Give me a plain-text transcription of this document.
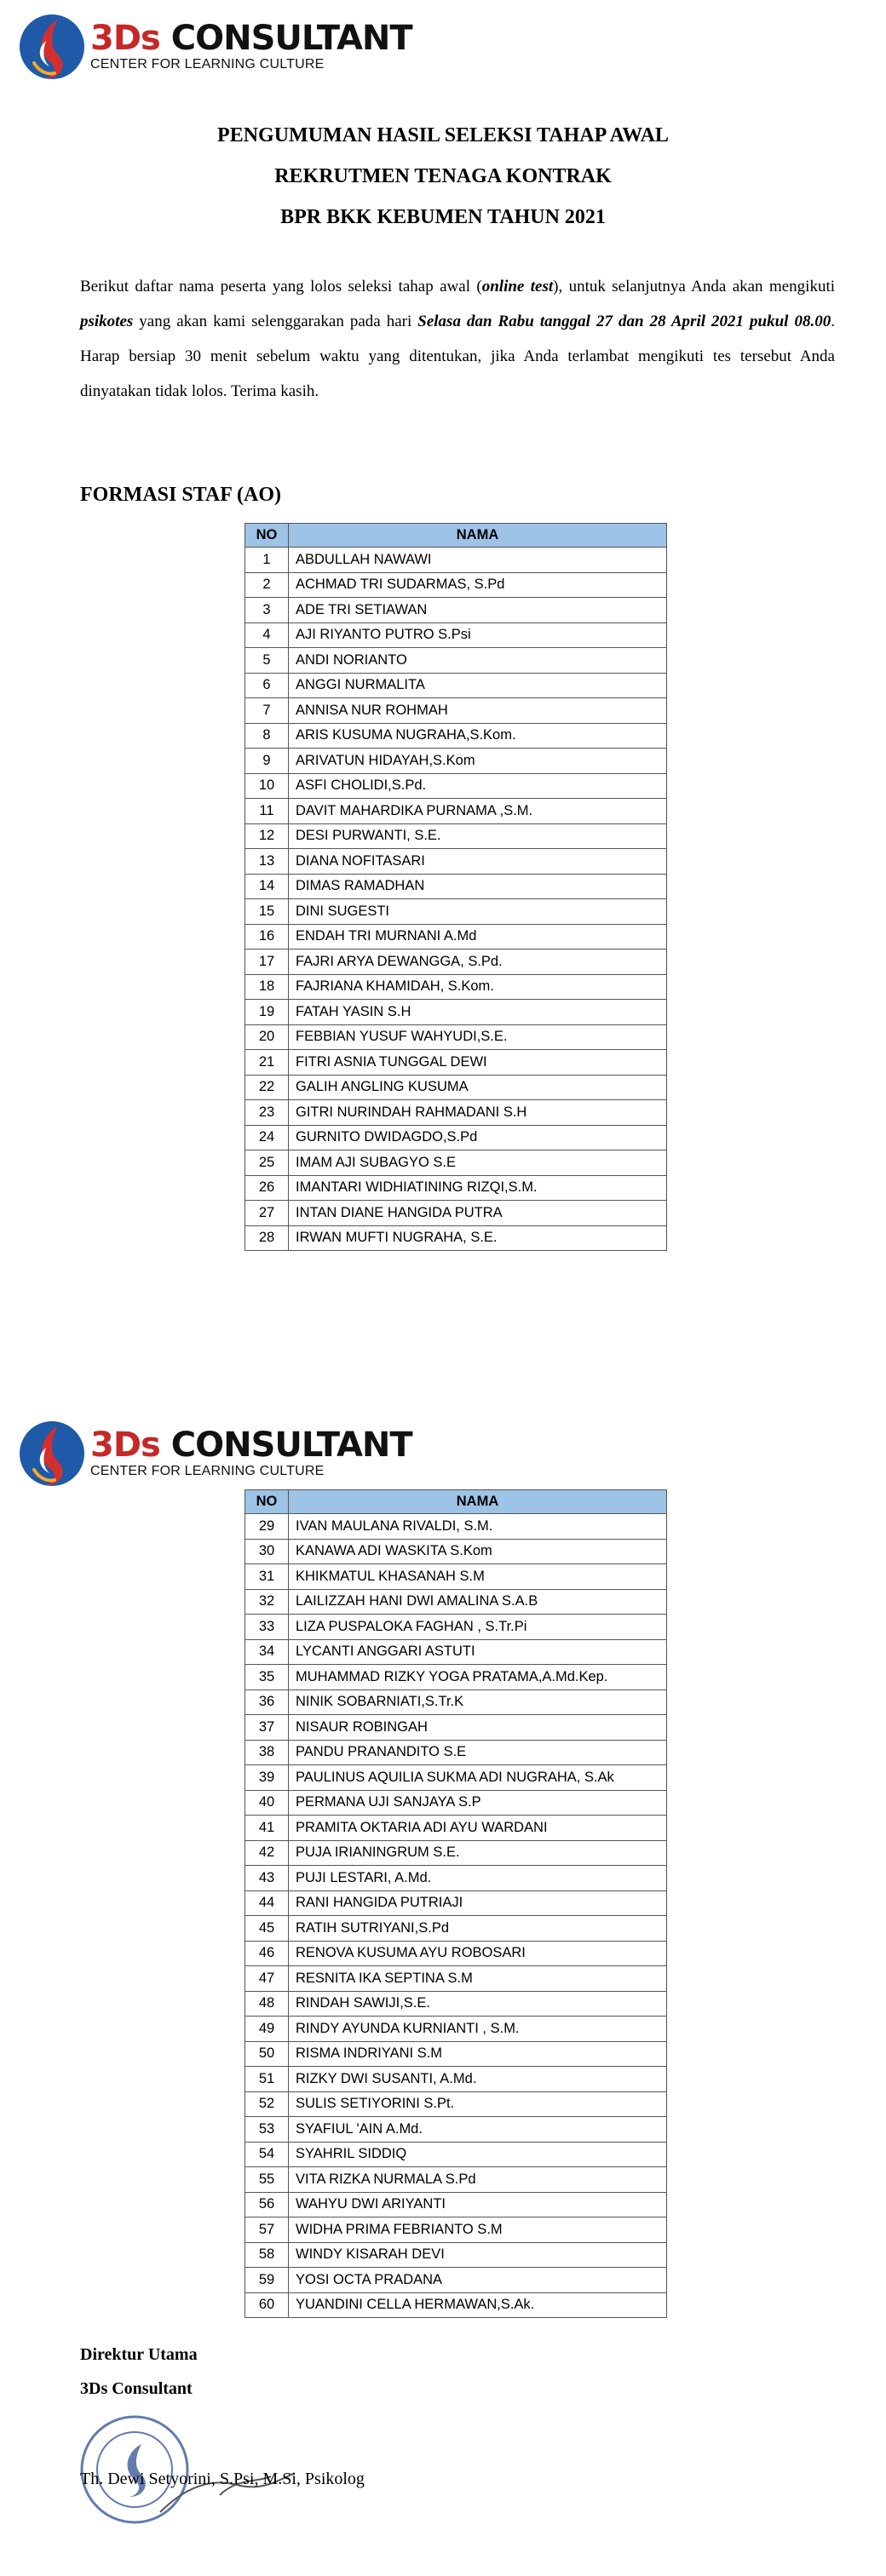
3Ds CONSULTANT
CENTER FOR LEARNING CULTURE
PENGUMUMAN HASIL SELEKSI TAHAP AWAL
REKRUTMEN TENAGA KONTRAK
BPR BKK KEBUMEN TAHUN 2021
Berikut daftar nama peserta yang lolos seleksi tahap awal (online test), untuk selanjutnya Anda akan mengikuti psikotes yang akan kami selenggarakan pada hari Selasa dan Rabu tanggal 27 dan 28 April 2021 pukul 08.00. Harap bersiap 30 menit sebelum waktu yang ditentukan, jika Anda terlambat mengikuti tes tersebut Anda dinyatakan tidak lolos. Terima kasih.
FORMASI STAF (AO)
NO	NAMA
1	ABDULLAH NAWAWI
2	ACHMAD TRI SUDARMAS, S.Pd
3	ADE TRI SETIAWAN
4	AJI RIYANTO PUTRO S.Psi
5	ANDI NORIANTO
6	ANGGI NURMALITA
7	ANNISA NUR ROHMAH
8	ARIS KUSUMA NUGRAHA,S.Kom.
9	ARIVATUN HIDAYAH,S.Kom
10	ASFI CHOLIDI,S.Pd.
11	DAVIT MAHARDIKA PURNAMA ,S.M.
12	DESI PURWANTI, S.E.
13	DIANA NOFITASARI
14	DIMAS RAMADHAN
15	DINI SUGESTI
16	ENDAH TRI MURNANI A.Md
17	FAJRI ARYA DEWANGGA, S.Pd.
18	FAJRIANA KHAMIDAH, S.Kom.
19	FATAH YASIN S.H
20	FEBBIAN YUSUF WAHYUDI,S.E.
21	FITRI ASNIA TUNGGAL DEWI
22	GALIH ANGLING KUSUMA
23	GITRI NURINDAH RAHMADANI S.H
24	GURNITO DWIDAGDO,S.Pd
25	IMAM AJI SUBAGYO S.E
26	IMANTARI WIDHIATINING RIZQI,S.M.
27	INTAN DIANE HANGIDA PUTRA
28	IRWAN MUFTI NUGRAHA, S.E.
3Ds CONSULTANT
CENTER FOR LEARNING CULTURE
NO	NAMA
29	IVAN MAULANA RIVALDI, S.M.
30	KANAWA ADI WASKITA S.Kom
31	KHIKMATUL KHASANAH S.M
32	LAILIZZAH HANI DWI AMALINA S.A.B
33	LIZA PUSPALOKA FAGHAN , S.Tr.Pi
34	LYCANTI ANGGARI ASTUTI
35	MUHAMMAD RIZKY YOGA PRATAMA,A.Md.Kep.
36	NINIK SOBARNIATI,S.Tr.K
37	NISAUR ROBINGAH
38	PANDU PRANANDITO S.E
39	PAULINUS AQUILIA SUKMA ADI NUGRAHA, S.Ak
40	PERMANA UJI SANJAYA S.P
41	PRAMITA OKTARIA ADI AYU WARDANI
42	PUJA IRIANINGRUM S.E.
43	PUJI LESTARI, A.Md.
44	RANI HANGIDA PUTRIAJI
45	RATIH SUTRIYANI,S.Pd
46	RENOVA KUSUMA AYU ROBOSARI
47	RESNITA IKA SEPTINA S.M
48	RINDAH SAWIJI,S.E.
49	RINDY AYUNDA KURNIANTI , S.M.
50	RISMA INDRIYANI S.M
51	RIZKY DWI SUSANTI, A.Md.
52	SULIS SETIYORINI S.Pt.
53	SYAFIUL 'AIN A.Md.
54	SYAHRIL SIDDIQ
55	VITA RIZKA NURMALA S.Pd
56	WAHYU DWI ARIYANTI
57	WIDHA PRIMA FEBRIANTO S.M
58	WINDY KISARAH DEVI
59	YOSI OCTA PRADANA
60	YUANDINI CELLA HERMAWAN,S.Ak.
Direktur Utama
3Ds Consultant
Th. Dewi Setyorini, S.Psi, M.Si, Psikolog
